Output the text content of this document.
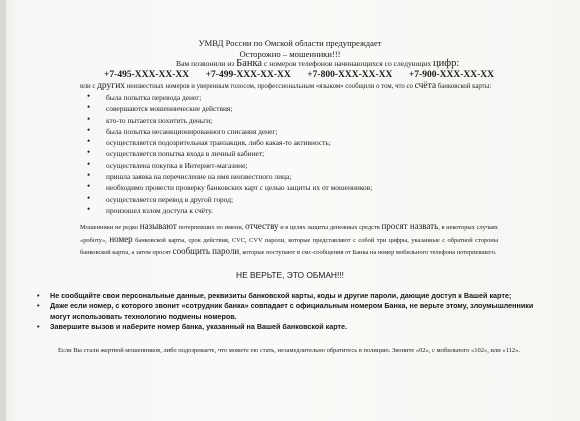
УМВД России по Омской области предупреждает
Осторожно – мошенники!!!
Вам позвонили из Банка с номеров телефонов начинающихся со следующих цифр:
+7-495-XXX-XX-XX +7-499-XXX-XX-XX +7-800-XXX-XX-XX +7-900-XXX-XX-XX
или с других неизвестных номеров и уверенным голосом, профессиональным «языком» сообщили о том, что со счёта банковской карты:
• была попытка перевода денег;
• совершаются мошеннические действия;
• кто-то пытается похитить деньги;
• была попытка несанкционированного списания денег;
• осуществляется подозрительная транзакция, либо какая-то активность;
• осуществляется попытка входа в личный кабинет;
• осуществлена покупка в Интернет-магазине;
• пришла заявка на перечисление на имя неизвестного лица;
• необходимо провести проверку банковских карт с целью защиты их от мошенников;
• осуществляется перевод в другой город;
• произошел взлом доступа к счёту.
Мошенники не редко называют потерпевших по имени, отчеству и в целях защиты денежных средств просят назвать, в некоторых случаях «роботу», номер банковской карты, срок действия, CVC, CVV пароли, которые представляют с собой три цифры, указанные с обратной стороны банковской карты, а затем просят сообщить пароли, которые поступают в смс-сообщения от Банка на номер мобильного телефона потерпевшего.
НЕ ВЕРЬТЕ, ЭТО ОБМАН!!!
• Не сообщайте свои персональные данные, реквизиты банковской карты, коды и другие пароли, дающие доступ к Вашей карте;
• Даже если номер, с которого звонит «сотрудник банка» совпадает с официальным номером Банка, не верьте этому, злоумышленники могут использовать технологию подмены номеров.
• Завершите вызов и наберите номер банка, указанный на Вашей банковской карте.
Если Вы стали жертвой мошенников, либо подозреваете, что можете ею стать, незамедлительно обратитесь в полицию. Звоните «02», с мобильного «102», или «112».
